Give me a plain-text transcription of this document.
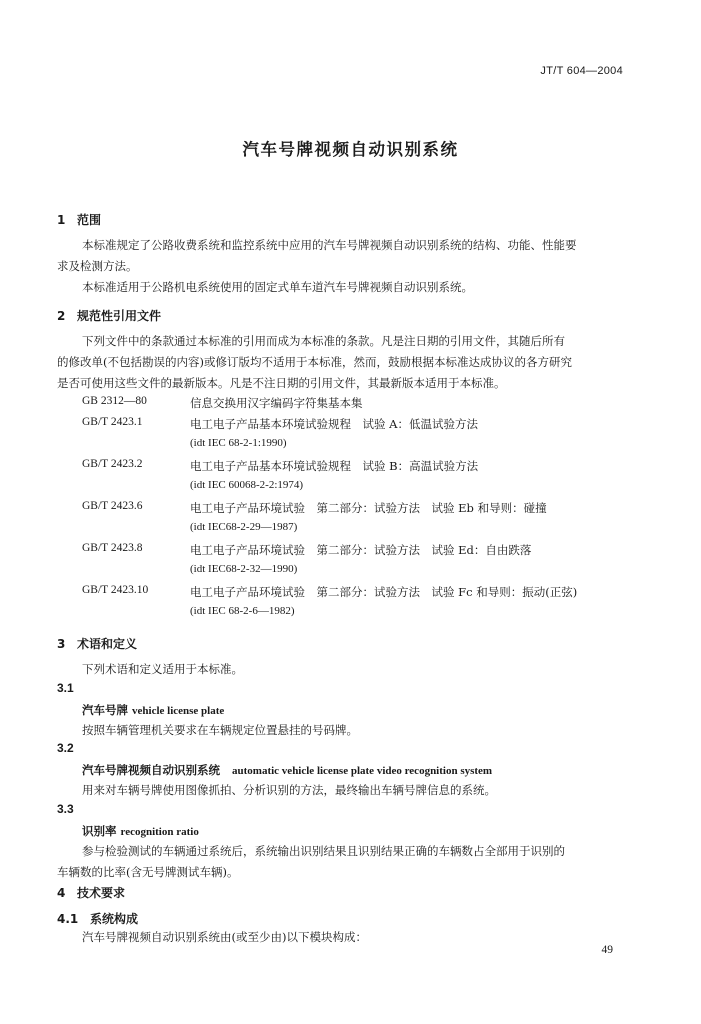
JT/T 604—2004
汽车号牌视频自动识别系统
1 范围
本标准规定了公路收费系统和监控系统中应用的汽车号牌视频自动识别系统的结构、功能、性能要
求及检测方法。
本标准适用于公路机电系统使用的固定式单车道汽车号牌视频自动识别系统。
2 规范性引用文件
下列文件中的条款通过本标准的引用而成为本标准的条款。凡是注日期的引用文件，其随后所有
的修改单(不包括勘误的内容)或修订版均不适用于本标准，然而，鼓励根据本标准达成协议的各方研究
是否可使用这些文件的最新版本。凡是不注日期的引用文件，其最新版本适用于本标准。
GB 2312—80	信息交换用汉字编码字符集基本集
GB/T 2423.1	电工电子产品基本环境试验规程　试验 A：低温试验方法
(idt IEC 68-2-1:1990)
GB/T 2423.2	电工电子产品基本环境试验规程　试验 B：高温试验方法
(idt IEC 60068-2-2:1974)
GB/T 2423.6	电工电子产品环境试验　第二部分：试验方法　试验 Eb 和导则：碰撞
(idt IEC68-2-29—1987)
GB/T 2423.8	电工电子产品环境试验　第二部分：试验方法　试验 Ed：自由跌落
(idt IEC68-2-32—1990)
GB/T 2423.10	电工电子产品环境试验　第二部分：试验方法　试验 Fc 和导则：振动(正弦)
(idt IEC 68-2-6—1982)
3 术语和定义
下列术语和定义适用于本标准。
3.1
汽车号牌 vehicle license plate
按照车辆管理机关要求在车辆规定位置悬挂的号码牌。
3.2
汽车号牌视频自动识别系统 automatic vehicle license plate video recognition system
用来对车辆号牌使用图像抓拍、分析识别的方法，最终输出车辆号牌信息的系统。
3.3
识别率 recognition ratio
参与检验测试的车辆通过系统后，系统输出识别结果且识别结果正确的车辆数占全部用于识别的
车辆数的比率(含无号牌测试车辆)。
4 技术要求
4.1 系统构成
汽车号牌视频自动识别系统由(或至少由)以下模块构成：
49
